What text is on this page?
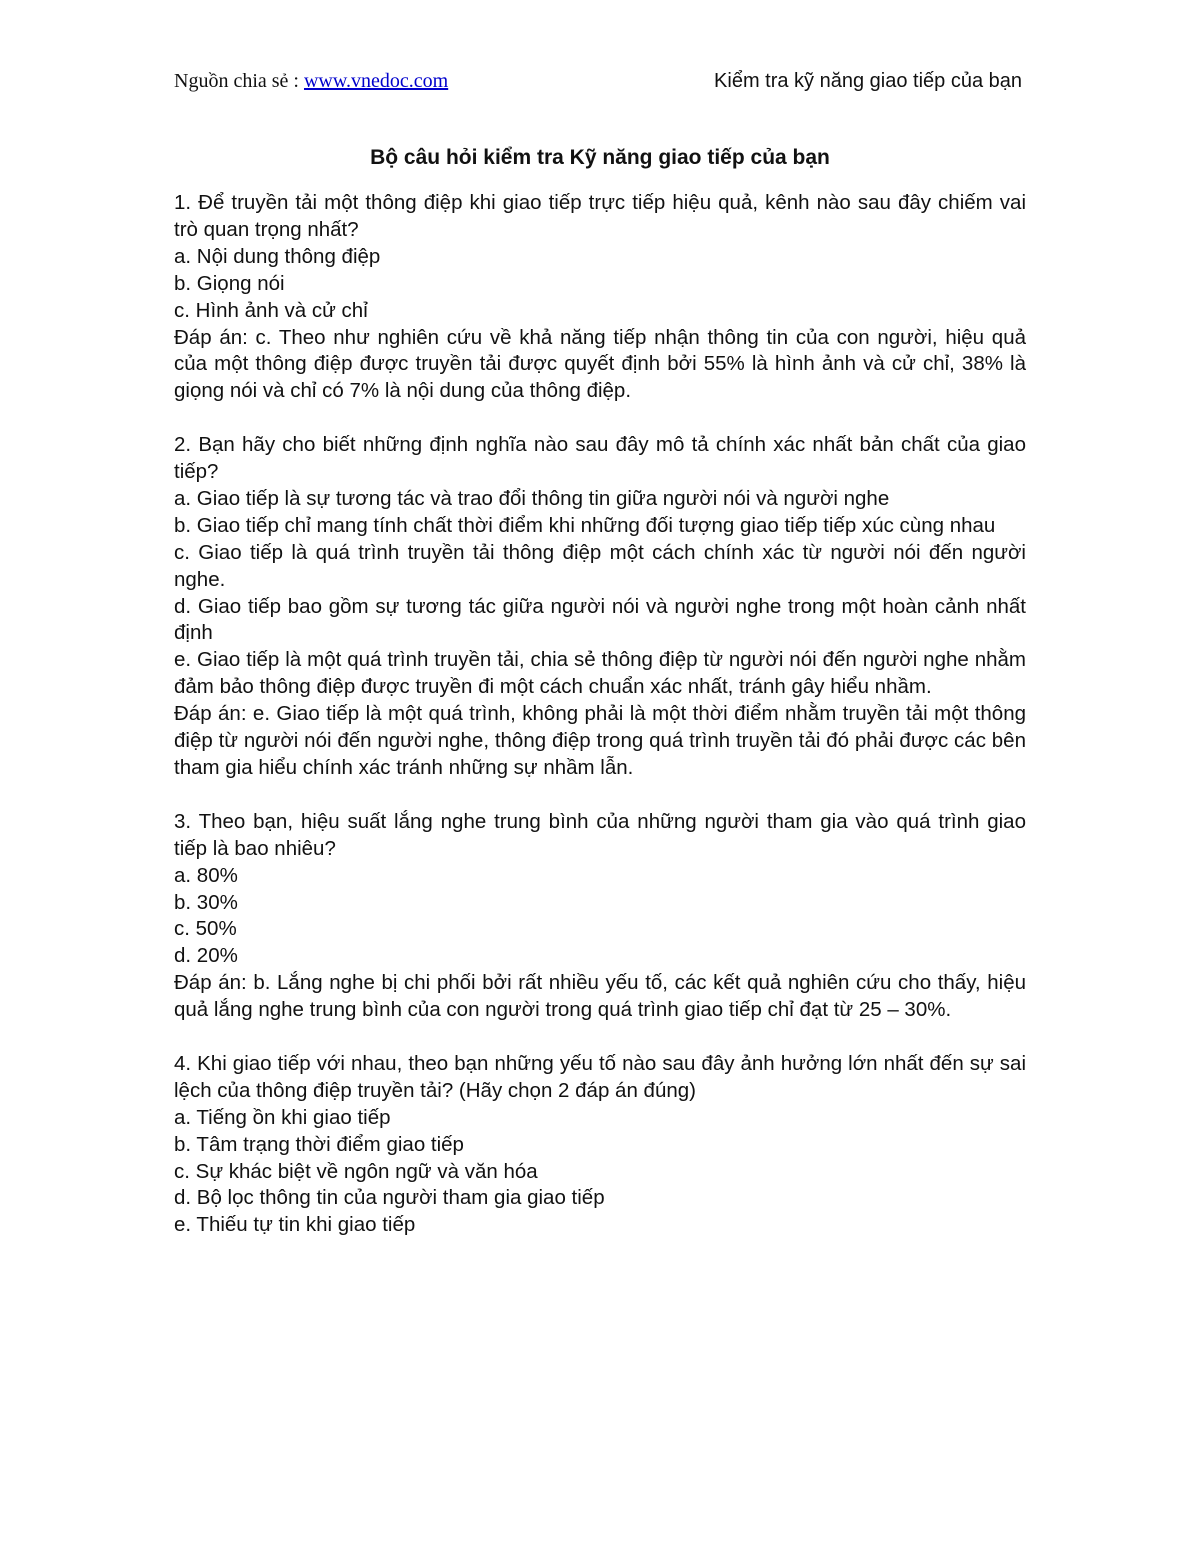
Nguồn chia sẻ : www.vnedoc.com	Kiểm tra kỹ năng giao tiếp của bạn
Bộ câu hỏi kiểm tra Kỹ năng giao tiếp của bạn

1. Để truyền tải một thông điệp khi giao tiếp trực tiếp hiệu quả, kênh nào sau đây chiếm vai trò quan trọng nhất?

a. Nội dung thông điệp
b. Giọng nói
c. Hình ảnh và cử chỉ

Đáp án: c. Theo như nghiên cứu về khả năng tiếp nhận thông tin của con người, hiệu quả của một thông điệp được truyền tải được quyết định bởi 55% là hình ảnh và cử chỉ, 38% là giọng nói và chỉ có 7% là nội dung của thông điệp.

2. Bạn hãy cho biết những định nghĩa nào sau đây mô tả chính xác nhất bản chất của giao tiếp?

a. Giao tiếp là sự tương tác và trao đổi thông tin giữa người nói và người nghe
b. Giao tiếp chỉ mang tính chất thời điểm khi những đối tượng giao tiếp tiếp xúc cùng nhau
c. Giao tiếp là quá trình truyền tải thông điệp một cách chính xác từ người nói đến người nghe.
d. Giao tiếp bao gồm sự tương tác giữa người nói và người nghe trong một hoàn cảnh nhất định
e. Giao tiếp là một quá trình truyền tải, chia sẻ thông điệp từ người nói đến người nghe nhằm đảm bảo thông điệp được truyền đi một cách chuẩn xác nhất, tránh gây hiểu nhầm.

Đáp án: e. Giao tiếp là một quá trình, không phải là một thời điểm nhằm truyền tải một thông điệp từ người nói đến người nghe, thông điệp trong quá trình truyền tải đó phải được các bên tham gia hiểu chính xác tránh những sự nhầm lẫn.

3. Theo bạn, hiệu suất lắng nghe trung bình của những người tham gia vào quá trình giao tiếp là bao nhiêu?

a. 80%
b. 30%
c. 50%
d. 20%

Đáp án: b. Lắng nghe bị chi phối bởi rất nhiều yếu tố, các kết quả nghiên cứu cho thấy, hiệu quả lắng nghe trung bình của con người trong quá trình giao tiếp chỉ đạt từ 25 – 30%.

4. Khi giao tiếp với nhau, theo bạn những yếu tố nào sau đây ảnh hưởng lớn nhất đến sự sai lệch của thông điệp truyền tải? (Hãy chọn 2 đáp án đúng)

a. Tiếng ồn khi giao tiếp
b. Tâm trạng thời điểm giao tiếp
c. Sự khác biệt về ngôn ngữ và văn hóa
d. Bộ lọc thông tin của người tham gia giao tiếp
e. Thiếu tự tin khi giao tiếp
